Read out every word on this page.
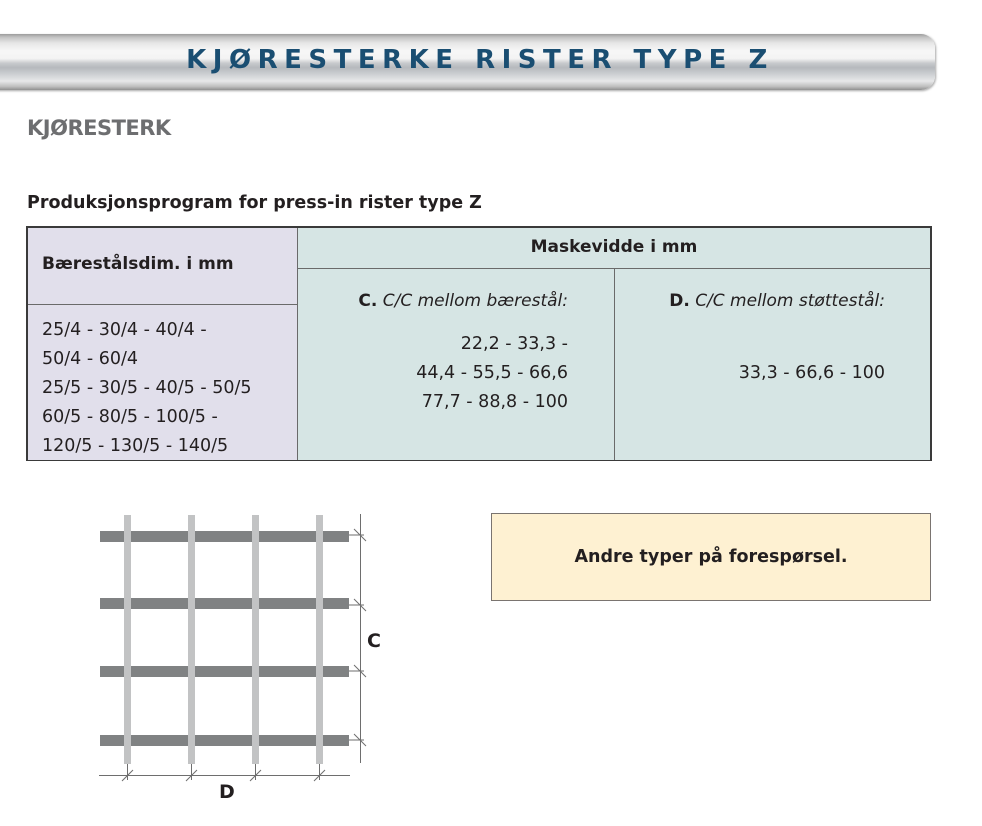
KJØRESTERKE RISTER TYPE Z
KJØRESTERK
Produksjonsprogram for press-in rister type Z
Bærestålsdim. i mm
25/4 - 30/4 - 40/4 -
50/4 - 60/4
25/5 - 30/5 - 40/5 - 50/5
60/5 - 80/5 - 100/5 -
120/5 - 130/5 - 140/5
Maskevidde i mm
C. C/C mellom bærestål:
22,2 - 33,3 -
44,4 - 55,5 - 66,6
77,7 - 88,8 - 100
D. C/C mellom støttestål:
33,3 - 66,6 - 100
Andre typer på forespørsel.
C
D
